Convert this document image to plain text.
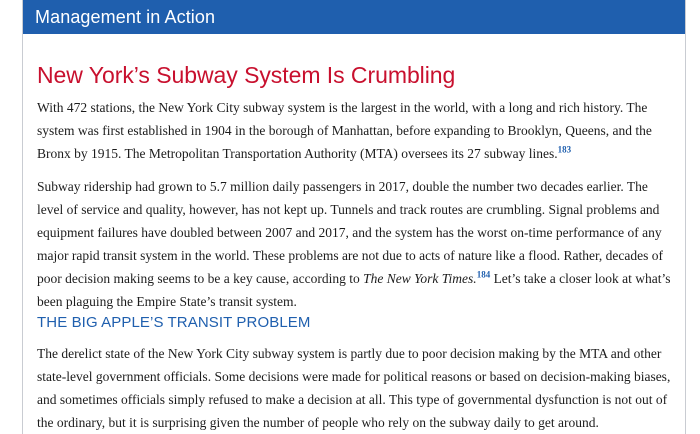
Management in Action
New York’s Subway System Is Crumbling

With 472 stations, the New York City subway system is the largest in the world, with a long and rich history. The system was first established in 1904 in the borough of Manhattan, before expanding to Brooklyn, Queens, and the Bronx by 1915. The Metropolitan Transportation Authority (MTA) oversees its 27 subway lines.$^{183}$

Subway ridership had grown to 5.7 million daily passengers in 2017, double the number two decades earlier. The level of service and quality, however, has not kept up. Tunnels and track routes are crumbling. Signal problems and equipment failures have doubled between 2007 and 2017, and the system has the worst on-time performance of any major rapid transit system in the world. These problems are not due to acts of nature like a flood. Rather, decades of poor decision making seems to be a key cause, according to The New York Times.$^{184}$ Let’s take a closer look at what’s been plaguing the Empire State’s transit system.

THE BIG APPLE’S TRANSIT PROBLEM

The derelict state of the New York City subway system is partly due to poor decision making by the MTA and other state-level government officials. Some decisions were made for political reasons or based on decision-making biases, and sometimes officials simply refused to make a decision at all. This type of governmental dysfunction is not out of the ordinary, but it is surprising given the number of people who rely on the subway daily to get around.
